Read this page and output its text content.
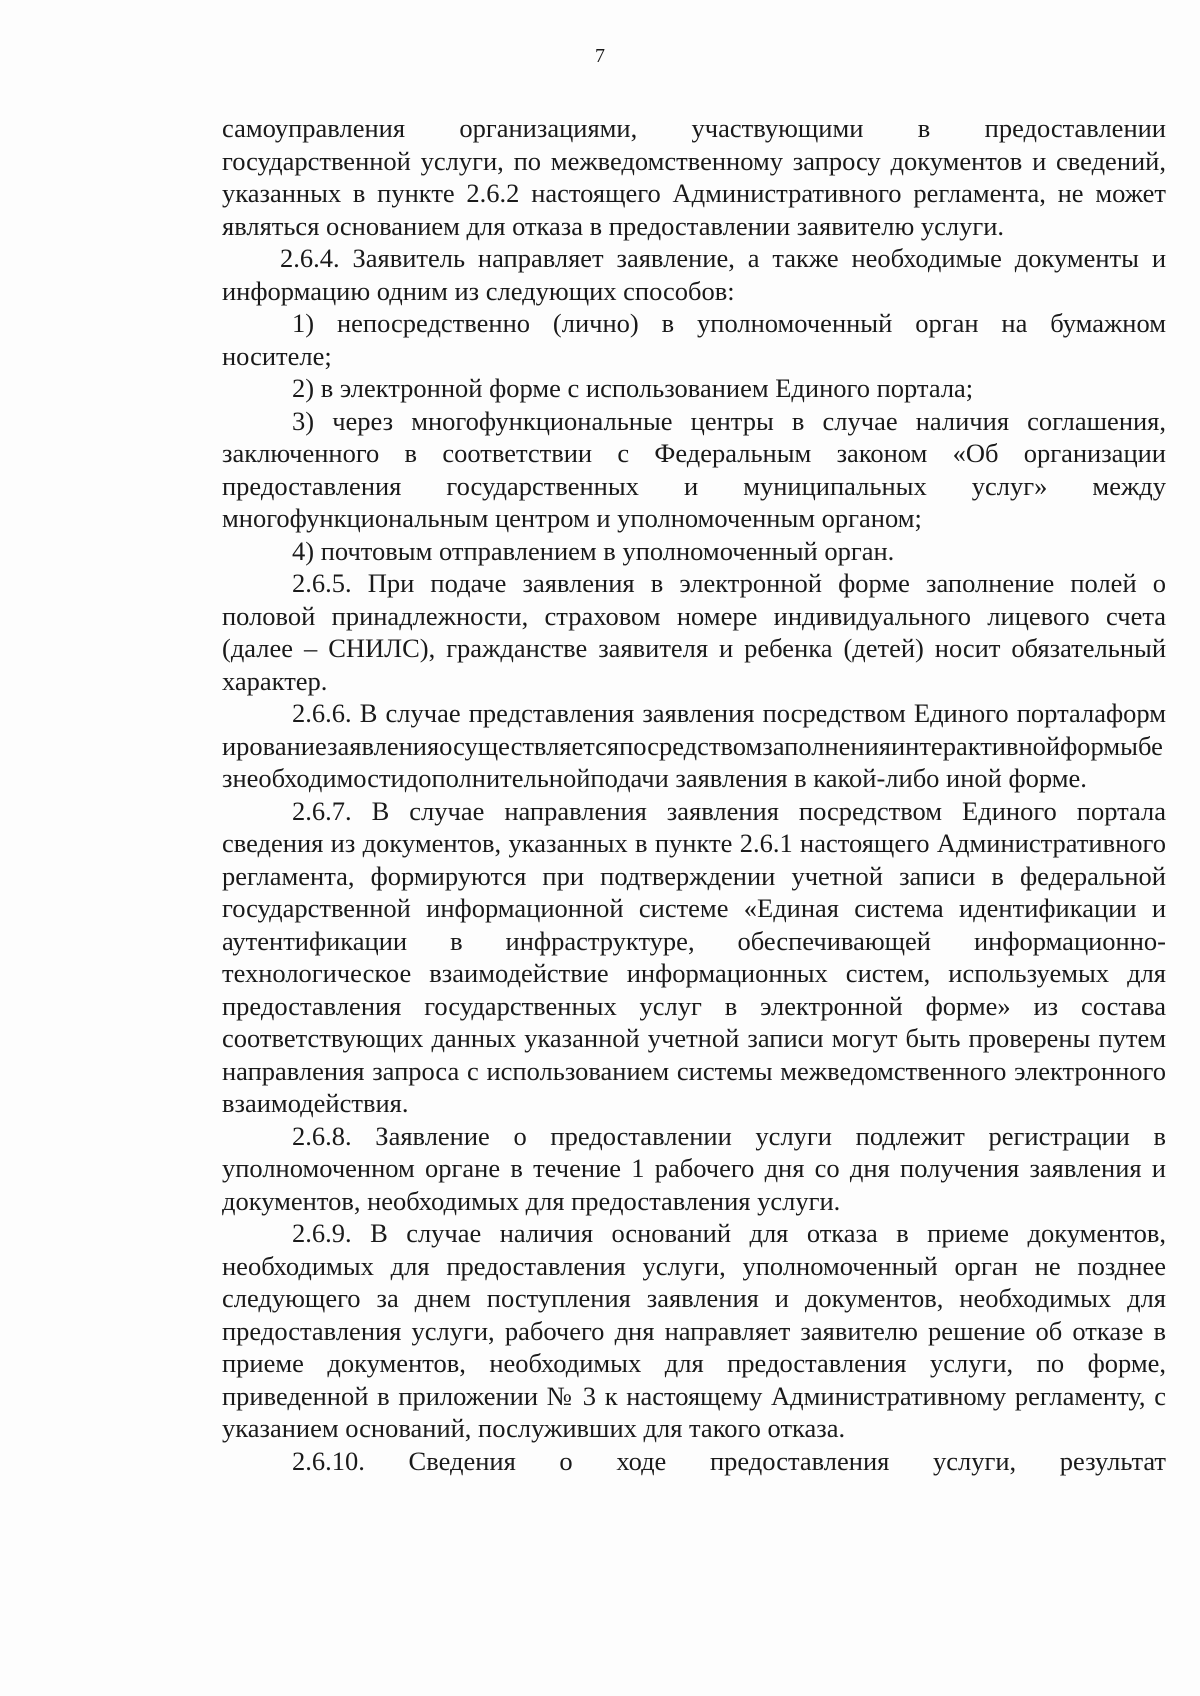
7

самоуправления организациями, участвующими в предоставлении государственной услуги, по межведомственному запросу документов и сведений, указанных в пункте 2.6.2 настоящего Административного регламента, не может являться основанием для отказа в предоставлении заявителю услуги.

2.6.4. Заявитель направляет заявление, а также необходимые документы и информацию одним из следующих способов:

1) непосредственно (лично) в уполномоченный орган на бумажном носителе;

2) в электронной форме с использованием Единого портала;

3) через многофункциональные центры в случае наличия соглашения, заключенного в соответствии с Федеральным законом «Об организации предоставления государственных и муниципальных услуг» между многофункциональным центром и уполномоченным органом;

4) почтовым отправлением в уполномоченный орган.

2.6.5. При подаче заявления в электронной форме заполнение полей о половой принадлежности, страховом номере индивидуального лицевого счета (далее – СНИЛС), гражданстве заявителя и ребенка (детей) носит обязательный характер.

2.6.6. В случае представления заявления посредством Единого порталаформированиезаявленияосуществляетсяпосредствомзаполненияинтерактивнойформыбезнеобходимостидополнительнойподачи заявления в какой-либо иной форме.

2.6.7. В случае направления заявления посредством Единого портала сведения из документов, указанных в пункте 2.6.1 настоящего Административного регламента, формируются при подтверждении учетной записи в федеральной государственной информационной системе «Единая система идентификации и аутентификации в инфраструктуре, обеспечивающей информационно-технологическое взаимодействие информационных систем, используемых для предоставления государственных услуг в электронной форме» из состава соответствующих данных указанной учетной записи могут быть проверены путем направления запроса с использованием системы межведомственного электронного взаимодействия.

2.6.8. Заявление о предоставлении услуги подлежит регистрации в уполномоченном органе в течение 1 рабочего дня со дня получения заявления и документов, необходимых для предоставления услуги.

2.6.9. В случае наличия оснований для отказа в приеме документов, необходимых для предоставления услуги, уполномоченный орган не позднее следующего за днем поступления заявления и документов, необходимых для предоставления услуги, рабочего дня направляет заявителю решение об отказе в приеме документов, необходимых для предоставления услуги, по форме, приведенной в приложении № 3 к настоящему Административному регламенту, с указанием оснований, послуживших для такого отказа.

2.6.10. Сведения о ходе предоставления услуги, результат
